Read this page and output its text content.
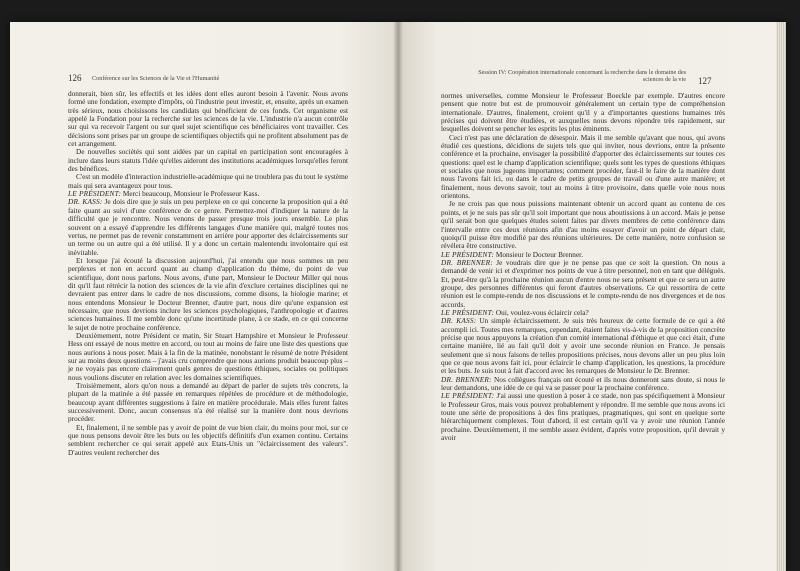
126 Conférence sur les Sciences de la Vie et l'Humanité

donnerait, bien sûr, les effectifs et les idées dont elles auront besoin à l'avenir. Nous avons formé une fondation, exempte d'impôts, où l'industrie peut investir, et, ensuite, après un examen très sérieux, nous choisissons les candidats qui bénéficient de ces fonds. Cet organisme est appelé la Fondation pour la recherche sur les sciences de la vie. L'industrie n'a aucun contrôle sur qui va recevoir l'argent ou sur quel sujet scientifique ces bénéficiaires vont travailler. Ces décisions sont prises par un groupe de scientifiques objectifs qui ne profitent absolument pas de cet arrangement.

De nouvelles sociétés qui sont aidées par un capital en participation sont encouragées à inclure dans leurs statuts l'idée qu'elles aideront des institutions académiques lorsqu'elles feront des bénéfices.

C'est un modèle d'interaction industrielle-académique qui ne troublera pas du tout le système mais qui sera avantageux pour tous.

LE PRÉSIDENT: Merci beaucoup, Monsieur le Professeur Kass.

DR. KASS: Je dois dire que je suis un peu perplexe en ce qui concerne la proposition qui a été faite quant au suivi d'une conférence de ce genre. Permettez-moi d'indiquer la nature de la difficulté que je rencontre. Nous venons de passer presque trois jours ensemble. Le plus souvent on a essayé d'apprendre les différents langages d'une manière qui, malgré toutes nos vertus, ne permet pas de revenir constamment en arrière pour apporter des éclaircissements sur un terme ou un autre qui a été utilisé. Il y a donc un certain malentendu involontaire qui est inévitable.

Et lorsque j'ai écouté la discussion aujourd'hui, j'ai entendu que nous sommes un peu perplexes et non en accord quant au champ d'application du thème, du point de vue scientifique, dont nous parlons. Nous avons, d'une part, Monsieur le Docteur Miller qui nous dit qu'il faut rétrécir la notion des sciences de la vie afin d'exclure certaines disciplines qui ne devraient pas entrer dans le cadre de nos discussions, comme disons, la biologie marine; et nous entendons Monsieur le Docteur Brenner, d'autre part, nous dire qu'une expansion est nécessaire, que nous devrions inclure les sciences psychologiques, l'anthropologie et d'autres sciences humaines. Il me semble donc qu'une incertitude plane, à ce stade, en ce qui concerne le sujet de notre prochaine conférence.

Deuxièmement, notre Président ce matin, Sir Stuart Hampshire et Monsieur le Professeur Hess ont essayé de nous mettre en accord, ou tout au moins de faire une liste des questions que nous aurions à nous poser. Mais à la fin de la matinée, nonobstant le résumé de notre Président sur au moins deux questions – j'avais cru comprendre que nous aurions produit beaucoup plus – je ne voyais pas encore clairement quels genres de questions éthiques, sociales ou politiques nous voulions discuter en relation avec les domaines scientifiques.

Troisièmement, alors qu'on nous a demandé au départ de parler de sujets très concrets, la plupart de la matinée a été passée en remarques répétées de procédure et de méthodologie, beaucoup ayant différentes suggestions à faire en matière procédurale. Mais elles furent faites successivement. Donc, aucun consensus n'a été réalisé sur la manière dont nous devrions procéder.

Et, finalement, il ne semble pas y avoir de point de vue bien clair, du moins pour moi, sur ce que nous pensons devoir être les buts ou les objectifs définitifs d'un examen continu. Certains semblent rechercher ce qui serait appelé aux Etats-Unis un "éclaircissement des valeurs". D'autres veulent rechercher des

Session IV: Coopération internationale concernant la recherche dans le domaine des sciences de la vie 127

normes universelles, comme Monsieur le Professeur Boeckle par exemple. D'autres encore pensent que notre but est de promouvoir généralement un certain type de compréhension internationale. D'autres, finalement, croient qu'il y a d'importantes questions humaines très précises qui doivent être étudiées, et auxquelles nous devons répondre très rapidement, sur lesquelles doivent se pencher les esprits les plus éminents.

Ceci n'est pas une déclaration de désespoir. Mais il me semble qu'avant que nous, qui avons étudié ces questions, décidions de sujets tels que qui inviter, nous devrions, entre la présente conférence et la prochaine, envisager la possibilité d'apporter des éclaircissements sur toutes ces questions: quel est le champ d'application scientifique; quels sont les types de questions éthiques et sociales que nous jugeons importantes; comment procéder, faut-il le faire de la manière dont nous l'avons fait ici, ou dans le cadre de petits groupes de travail ou d'une autre manière; et finalement, nous devons savoir, tout au moins à titre provisoire, dans quelle voie nous nous orientons.

Je ne crois pas que nous puissions maintenant obtenir un accord quant au contenu de ces points, et je ne suis pas sûr qu'il soit important que nous aboutissions à un accord. Mais je pense qu'il serait bon que quelques études soient faites par divers membres de cette conférence dans l'intervalle entre ces deux réunions afin d'au moins essayer d'avoir un point de départ clair, quoiqu'il puisse être modifié par des réunions ultérieures. De cette manière, notre confusion se révélera être constructive.

LE PRÉSIDENT: Monsieur le Docteur Brenner.

DR. BRENNER: Je voudrais dire que je ne pense pas que ce soit la question. On nous a demandé de venir ici et d'exprimer nos points de vue à titre personnel, non en tant que délégués. Et, peut-être qu'à la prochaine réunion aucun d'entre nous ne sera présent et que ce sera un autre groupe, des personnes différentes qui feront d'autres observations. Ce qui ressortira de cette réunion est le compte-rendu de nos discussions et le compte-rendu de nos divergences et de nos accords.

LE PRÉSIDENT: Oui, voulez-vous éclaircir cela?

DR. KASS: Un simple éclaircissement. Je suis très heureux de cette formule de ce qui a été accompli ici. Toutes mes remarques, cependant, étaient faites vis-à-vis de la proposition concrète précise que nous appuyons la création d'un comité international d'éthique et que ceci était, d'une certaine manière, lié au fait qu'il doit y avoir une seconde réunion en France. Je pensais seulement que si nous faisons de telles propositions précises, nous devons aller un peu plus loin que ce que nous avons fait ici, pour éclaircir le champ d'application, les questions, la procédure et les buts. Je suis tout à fait d'accord avec les remarques de Monsieur le Dr. Brenner.

DR. BRENNER: Nos collègues français ont écouté et ils nous donneront sans doute, si nous le leur demandons, une idée de ce qui va se passer pour la prochaine conférence.

LE PRÉSIDENT: J'ai aussi une question à poser à ce stade, non pas spécifiquement à Monsieur le Professeur Gros, mais vous pouvez probablement y répondre. Il me semble que nous avons ici toute une série de propositions à des fins pratiques, pragmatiques, qui sont en quelque sorte hiérarchiquement complexes. Tout d'abord, il est certain qu'il va y avoir une réunion l'année prochaine. Deuxièmement, il me semble assez évident, d'après votre proposition, qu'il devrait y avoir
